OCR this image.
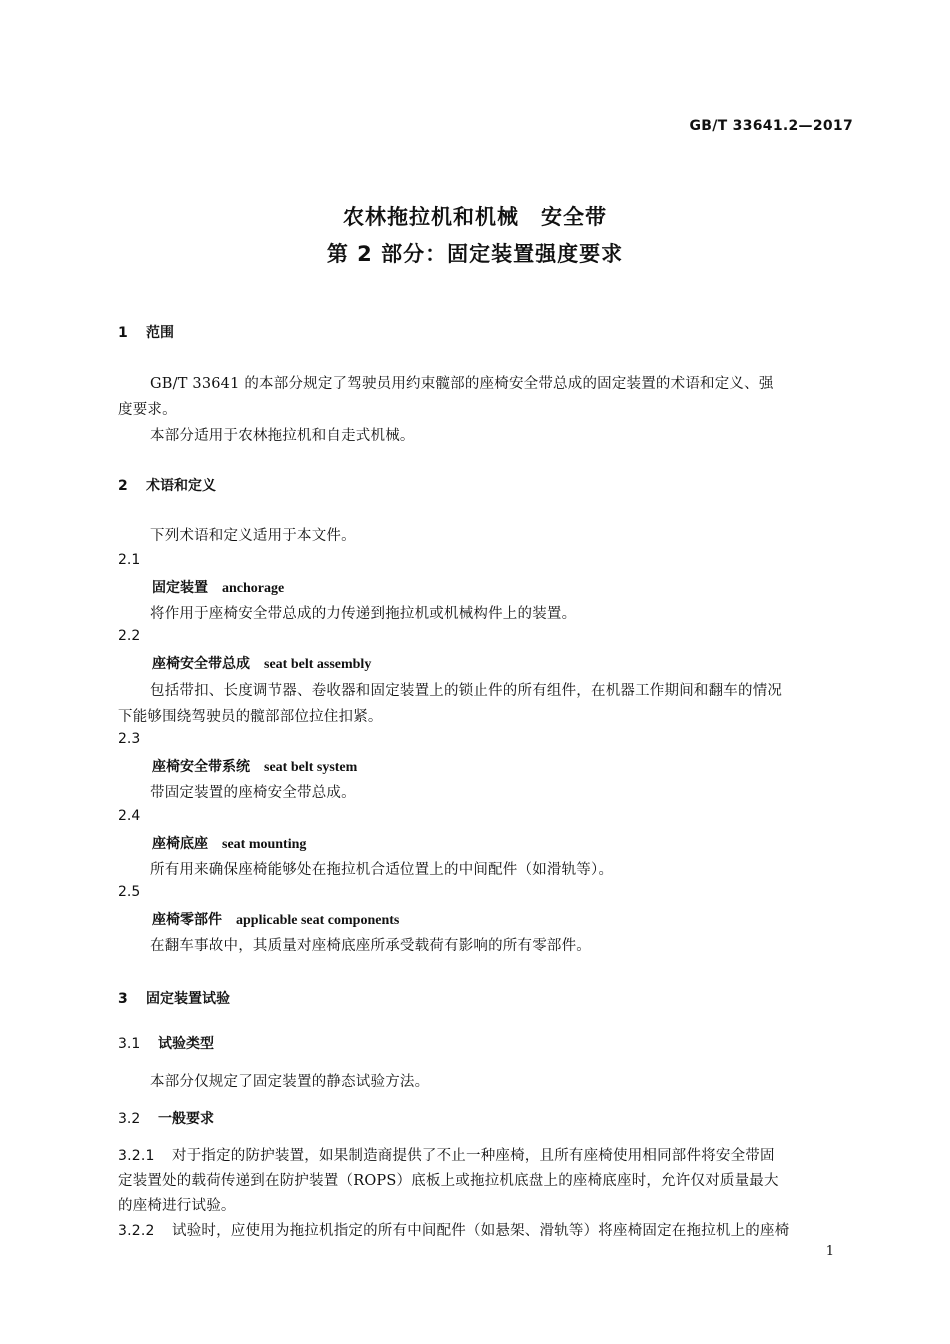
GB/T 33641.2—2017
农林拖拉机和机械　安全带
第 2 部分：固定装置强度要求
1 范围
GB/T 33641 的本部分规定了驾驶员用约束髋部的座椅安全带总成的固定装置的术语和定义、强
度要求。
本部分适用于农林拖拉机和自走式机械。
2 术语和定义
下列术语和定义适用于本文件。
2.1
固定装置 anchorage
将作用于座椅安全带总成的力传递到拖拉机或机械构件上的装置。
2.2
座椅安全带总成 seat belt assembly
包括带扣、长度调节器、卷收器和固定装置上的锁止件的所有组件，在机器工作期间和翻车的情况
下能够围绕驾驶员的髋部部位拉住扣紧。
2.3
座椅安全带系统 seat belt system
带固定装置的座椅安全带总成。
2.4
座椅底座 seat mounting
所有用来确保座椅能够处在拖拉机合适位置上的中间配件（如滑轨等）。
2.5
座椅零部件 applicable seat components
在翻车事故中，其质量对座椅底座所承受载荷有影响的所有零部件。
3 固定装置试验
3.1 试验类型
本部分仅规定了固定装置的静态试验方法。
3.2 一般要求
3.2.1 对于指定的防护装置，如果制造商提供了不止一种座椅，且所有座椅使用相同部件将安全带固
定装置处的载荷传递到在防护装置（ROPS）底板上或拖拉机底盘上的座椅底座时，允许仅对质量最大
的座椅进行试验。
3.2.2 试验时，应使用为拖拉机指定的所有中间配件（如悬架、滑轨等）将座椅固定在拖拉机上的座椅
1
